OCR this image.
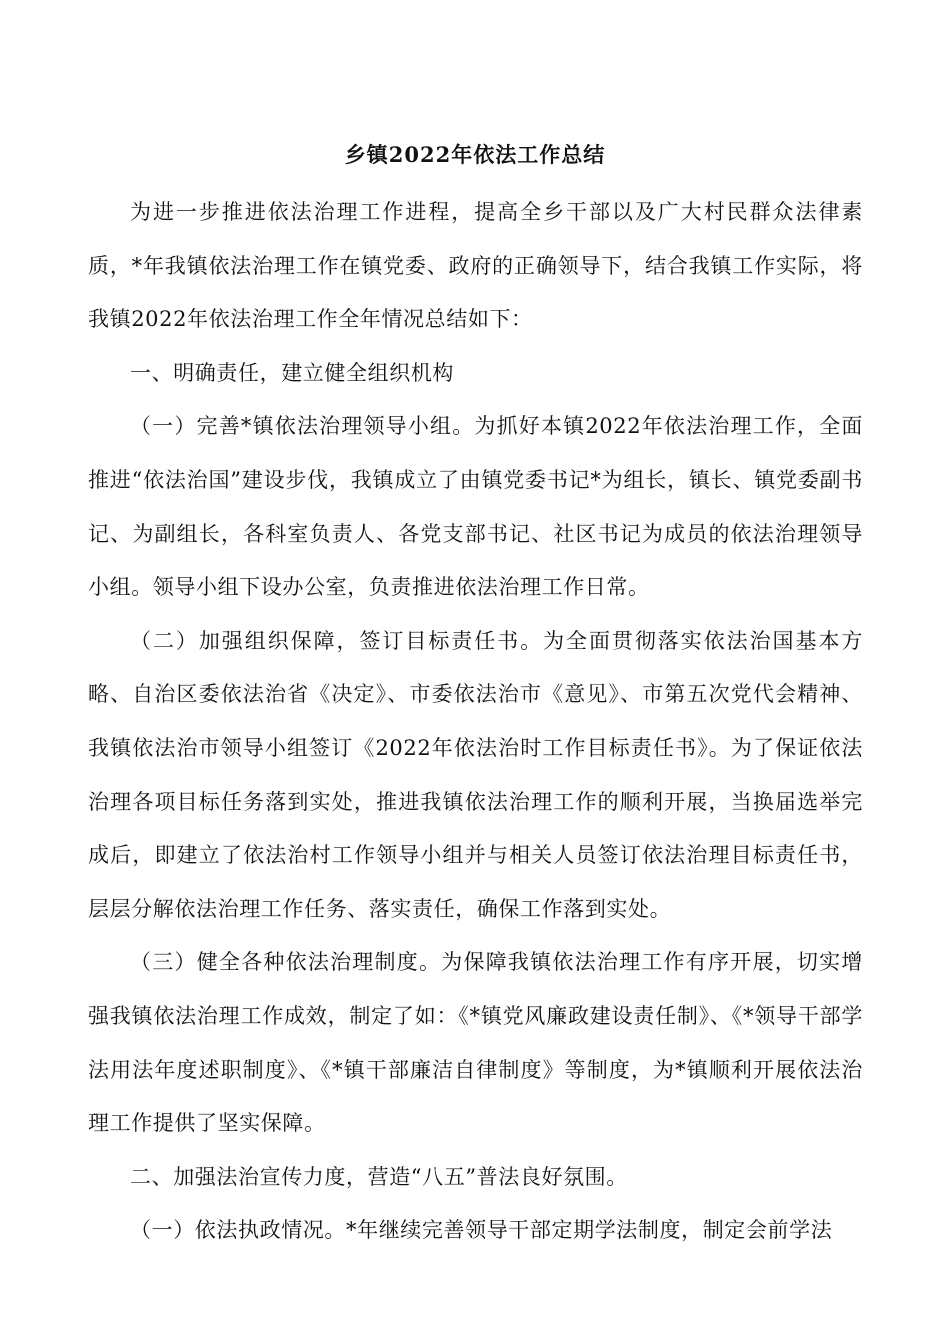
乡镇2022年依法工作总结

为进一步推进依法治理工作进程，提高全乡干部以及广大村民群众法律素质，*年我镇依法治理工作在镇党委、政府的正确领导下，结合我镇工作实际，将我镇2022年依法治理工作全年情况总结如下：

一、明确责任，建立健全组织机构

（一）完善*镇依法治理领导小组。为抓好本镇2022年依法治理工作，全面推进“依法治国”建设步伐，我镇成立了由镇党委书记*为组长，镇长、镇党委副书记、为副组长，各科室负责人、各党支部书记、社区书记为成员的依法治理领导小组。领导小组下设办公室，负责推进依法治理工作日常。

（二）加强组织保障，签订目标责任书。为全面贯彻落实依法治国基本方略、自治区委依法治省《决定》、市委依法治市《意见》、市第五次党代会精神、我镇依法治市领导小组签订《2022年依法治时工作目标责任书》。为了保证依法治理各项目标任务落到实处，推进我镇依法治理工作的顺利开展，当换届选举完成后，即建立了依法治村工作领导小组并与相关人员签订依法治理目标责任书，层层分解依法治理工作任务、落实责任，确保工作落到实处。

（三）健全各种依法治理制度。为保障我镇依法治理工作有序开展，切实增强我镇依法治理工作成效，制定了如：《*镇党风廉政建设责任制》、《*领导干部学法用法年度述职制度》、《*镇干部廉洁自律制度》等制度，为*镇顺利开展依法治理工作提供了坚实保障。

二、加强法治宣传力度，营造“八五”普法良好氛围。

（一）依法执政情况。*年继续完善领导干部定期学法制度，制定会前学法
